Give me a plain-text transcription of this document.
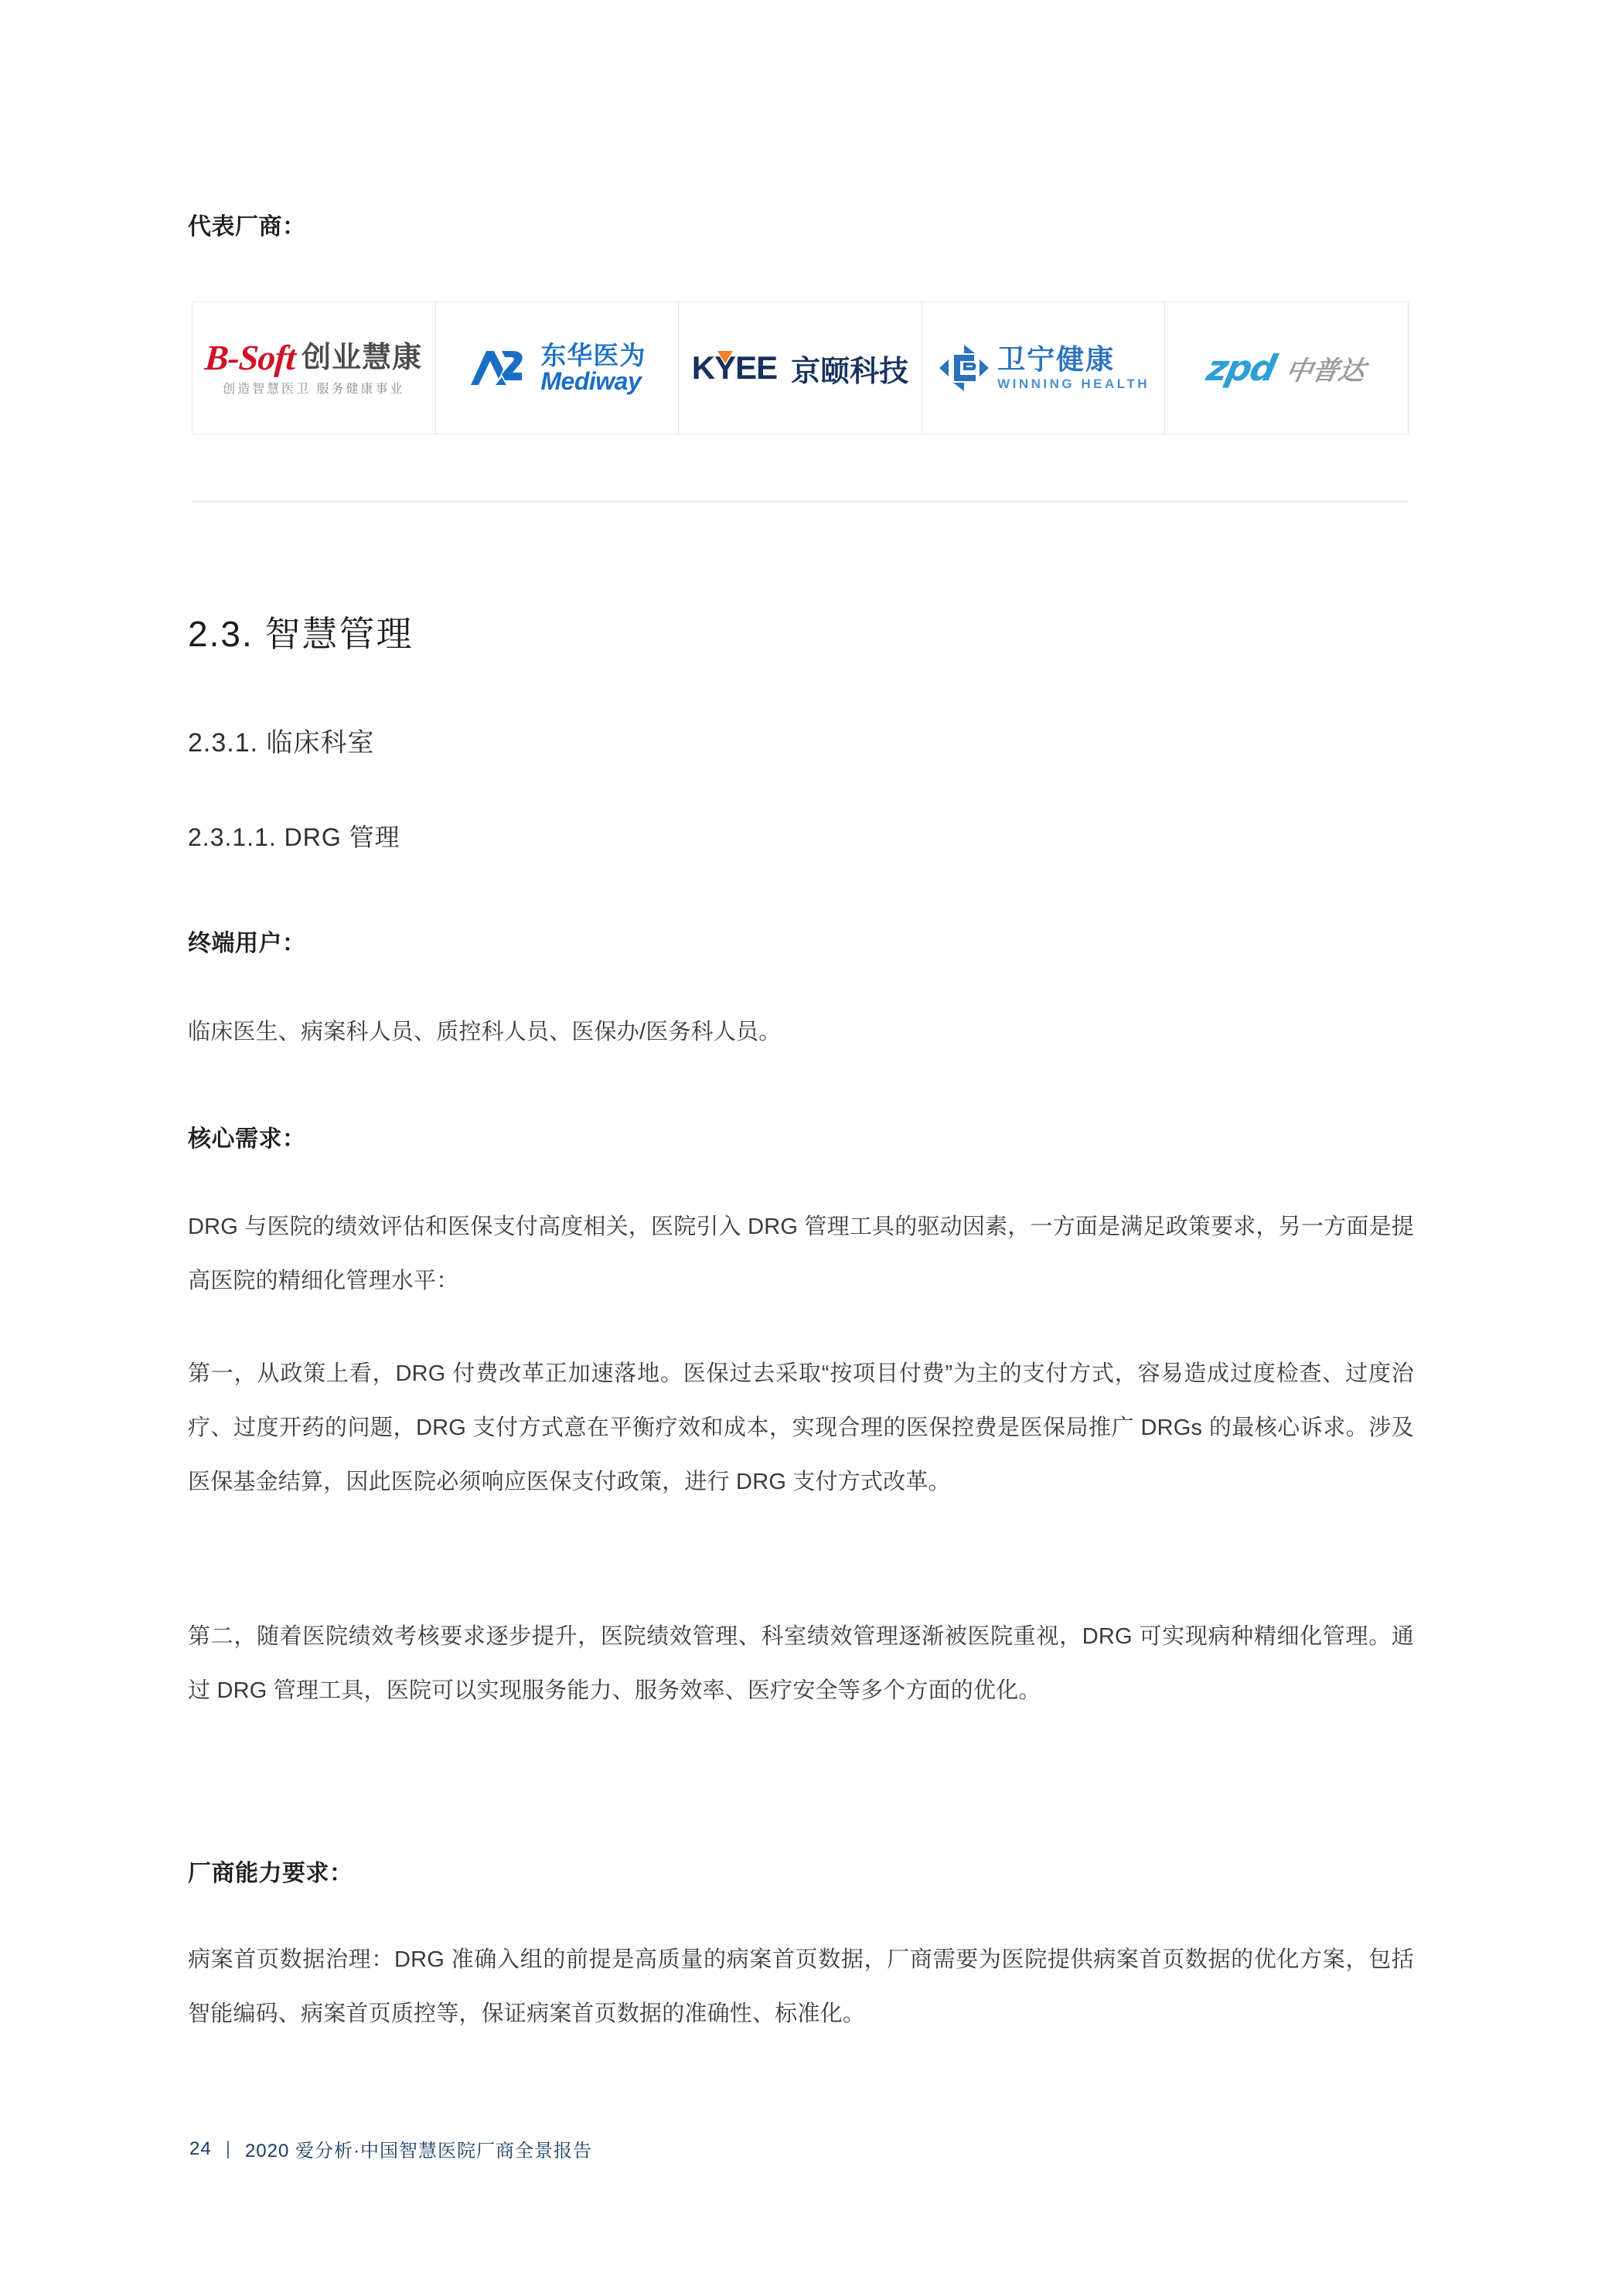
代表厂商：
B-Soft 创业慧康
创造智慧医卫 服务健康事业
东华医为
Mediway KYEE 京颐科技	卫宁健康
WINNING HEALTH zpd 中普达
2.3. 智慧管理
2.3.1. 临床科室
2.3.1.1. DRG 管理
终端用户：
临床医生、病案科人员、质控科人员、医保办/医务科人员。
核心需求：
DRG 与医院的绩效评估和医保支付高度相关，医院引入 DRG 管理工具的驱动因素，一方面是满足政策要求，另一方面是提高医院的精细化管理水平：
第一，从政策上看，DRG 付费改革正加速落地。医保过去采取“按项目付费”为主的支付方式，容易造成过度检查、过度治疗、过度开药的问题，DRG 支付方式意在平衡疗效和成本，实现合理的医保控费是医保局推广 DRGs 的最核心诉求。涉及医保基金结算，因此医院必须响应医保支付政策，进行 DRG 支付方式改革。
第二，随着医院绩效考核要求逐步提升，医院绩效管理、科室绩效管理逐渐被医院重视，DRG 可实现病种精细化管理。通过 DRG 管理工具，医院可以实现服务能力、服务效率、医疗安全等多个方面的优化。
厂商能力要求：
病案首页数据治理：DRG 准确入组的前提是高质量的病案首页数据，厂商需要为医院提供病案首页数据的优化方案，包括智能编码、病案首页质控等，保证病案首页数据的准确性、标准化。
24 | 2020 爱分析·中国智慧医院厂商全景报告
